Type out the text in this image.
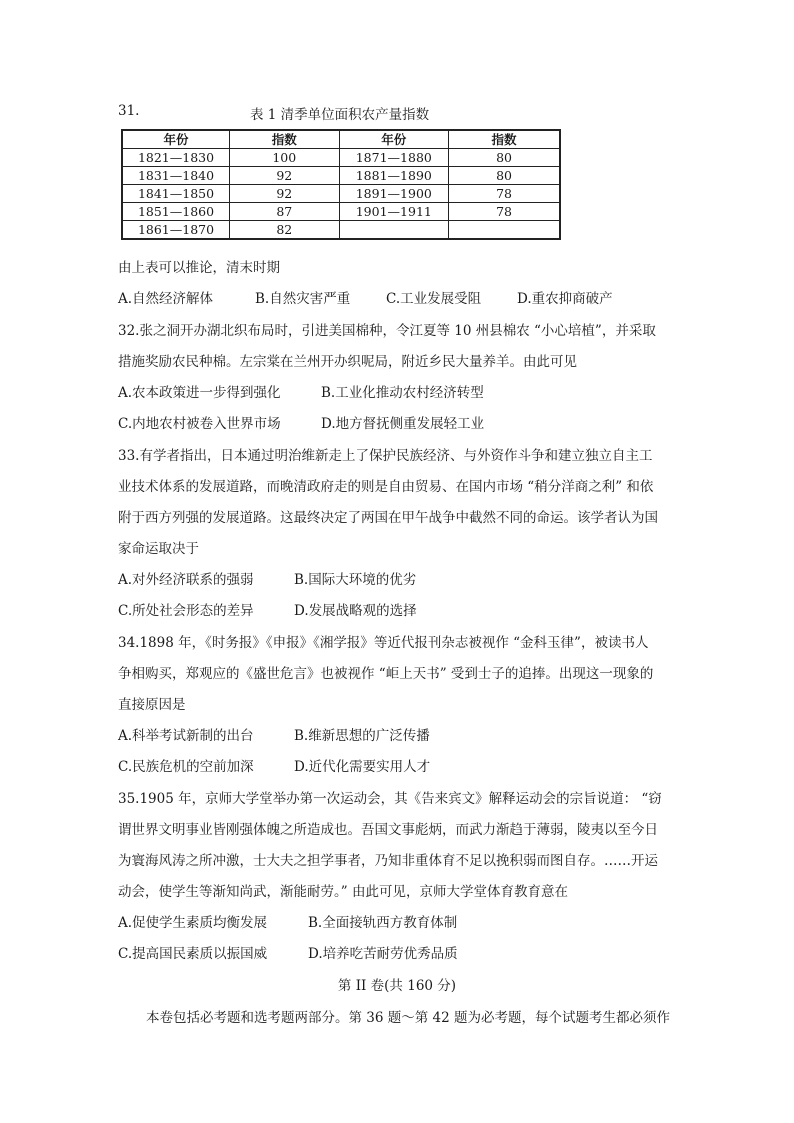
31.	表 1 清季单位面积农产量指数
年份	指数	年份	指数
1821—1830	100	1871—1880	80
1831—1840	92	1881—1890	80
1841—1850	92	1891—1900	78
1851—1860	87	1901—1911	78
1861—1870	82		
由上表可以推论，清末时期
A.自然经济解体	B.自然灾害严重	C.工业发展受阻	D.重农抑商破产
32.张之洞开办湖北织布局时，引进美国棉种，令江夏等 10 州县棉农 “小心培植”，并采取
措施奖励农民种棉。左宗棠在兰州开办织呢局，附近乡民大量养羊。由此可见
A.农本政策进一步得到强化	B.工业化推动农村经济转型
C.内地农村被卷入世界市场	D.地方督抚侧重发展轻工业
33.有学者指出，日本通过明治维新走上了保护民族经济、与外资作斗争和建立独立自主工
业技术体系的发展道路，而晚清政府走的则是自由贸易、在国内市场 “稍分洋商之利” 和依
附于西方列强的发展道路。这最终决定了两国在甲午战争中截然不同的命运。该学者认为国
家命运取决于
A.对外经济联系的强弱	B.国际大环境的优劣
C.所处社会形态的差异	D.发展战略观的选择
34.1898 年，《时务报》《申报》《湘学报》等近代报刊杂志被视作 “金科玉律”，被读书人
争相购买，郑观应的《盛世危言》也被视作 “岠上天书” 受到士子的追捧。出现这一现象的
直接原因是
A.科举考试新制的出台	B.维新思想的广泛传播
C.民族危机的空前加深	D.近代化需要实用人才
35.1905 年，京师大学堂举办第一次运动会，其《告来宾文》解释运动会的宗旨说道： “窃
谓世界文明事业皆刚强体魄之所造成也。吾国文事彪炳，而武力渐趋于薄弱，陵夷以至今日
为寰海风涛之所冲激，士大夫之担学事者，乃知非重体育不足以挽积弱而图自存。……开运
动会，使学生等渐知尚武，渐能耐劳。” 由此可见，京师大学堂体育教育意在
A.促使学生素质均衡发展	B.全面接轨西方教育体制
C.提高国民素质以振国威	D.培养吃苦耐劳优秀品质
第 II 卷(共 160 分)
本卷包括必考题和选考题两部分。第 36 题～第 42 题为必考题，每个试题考生都必须作
